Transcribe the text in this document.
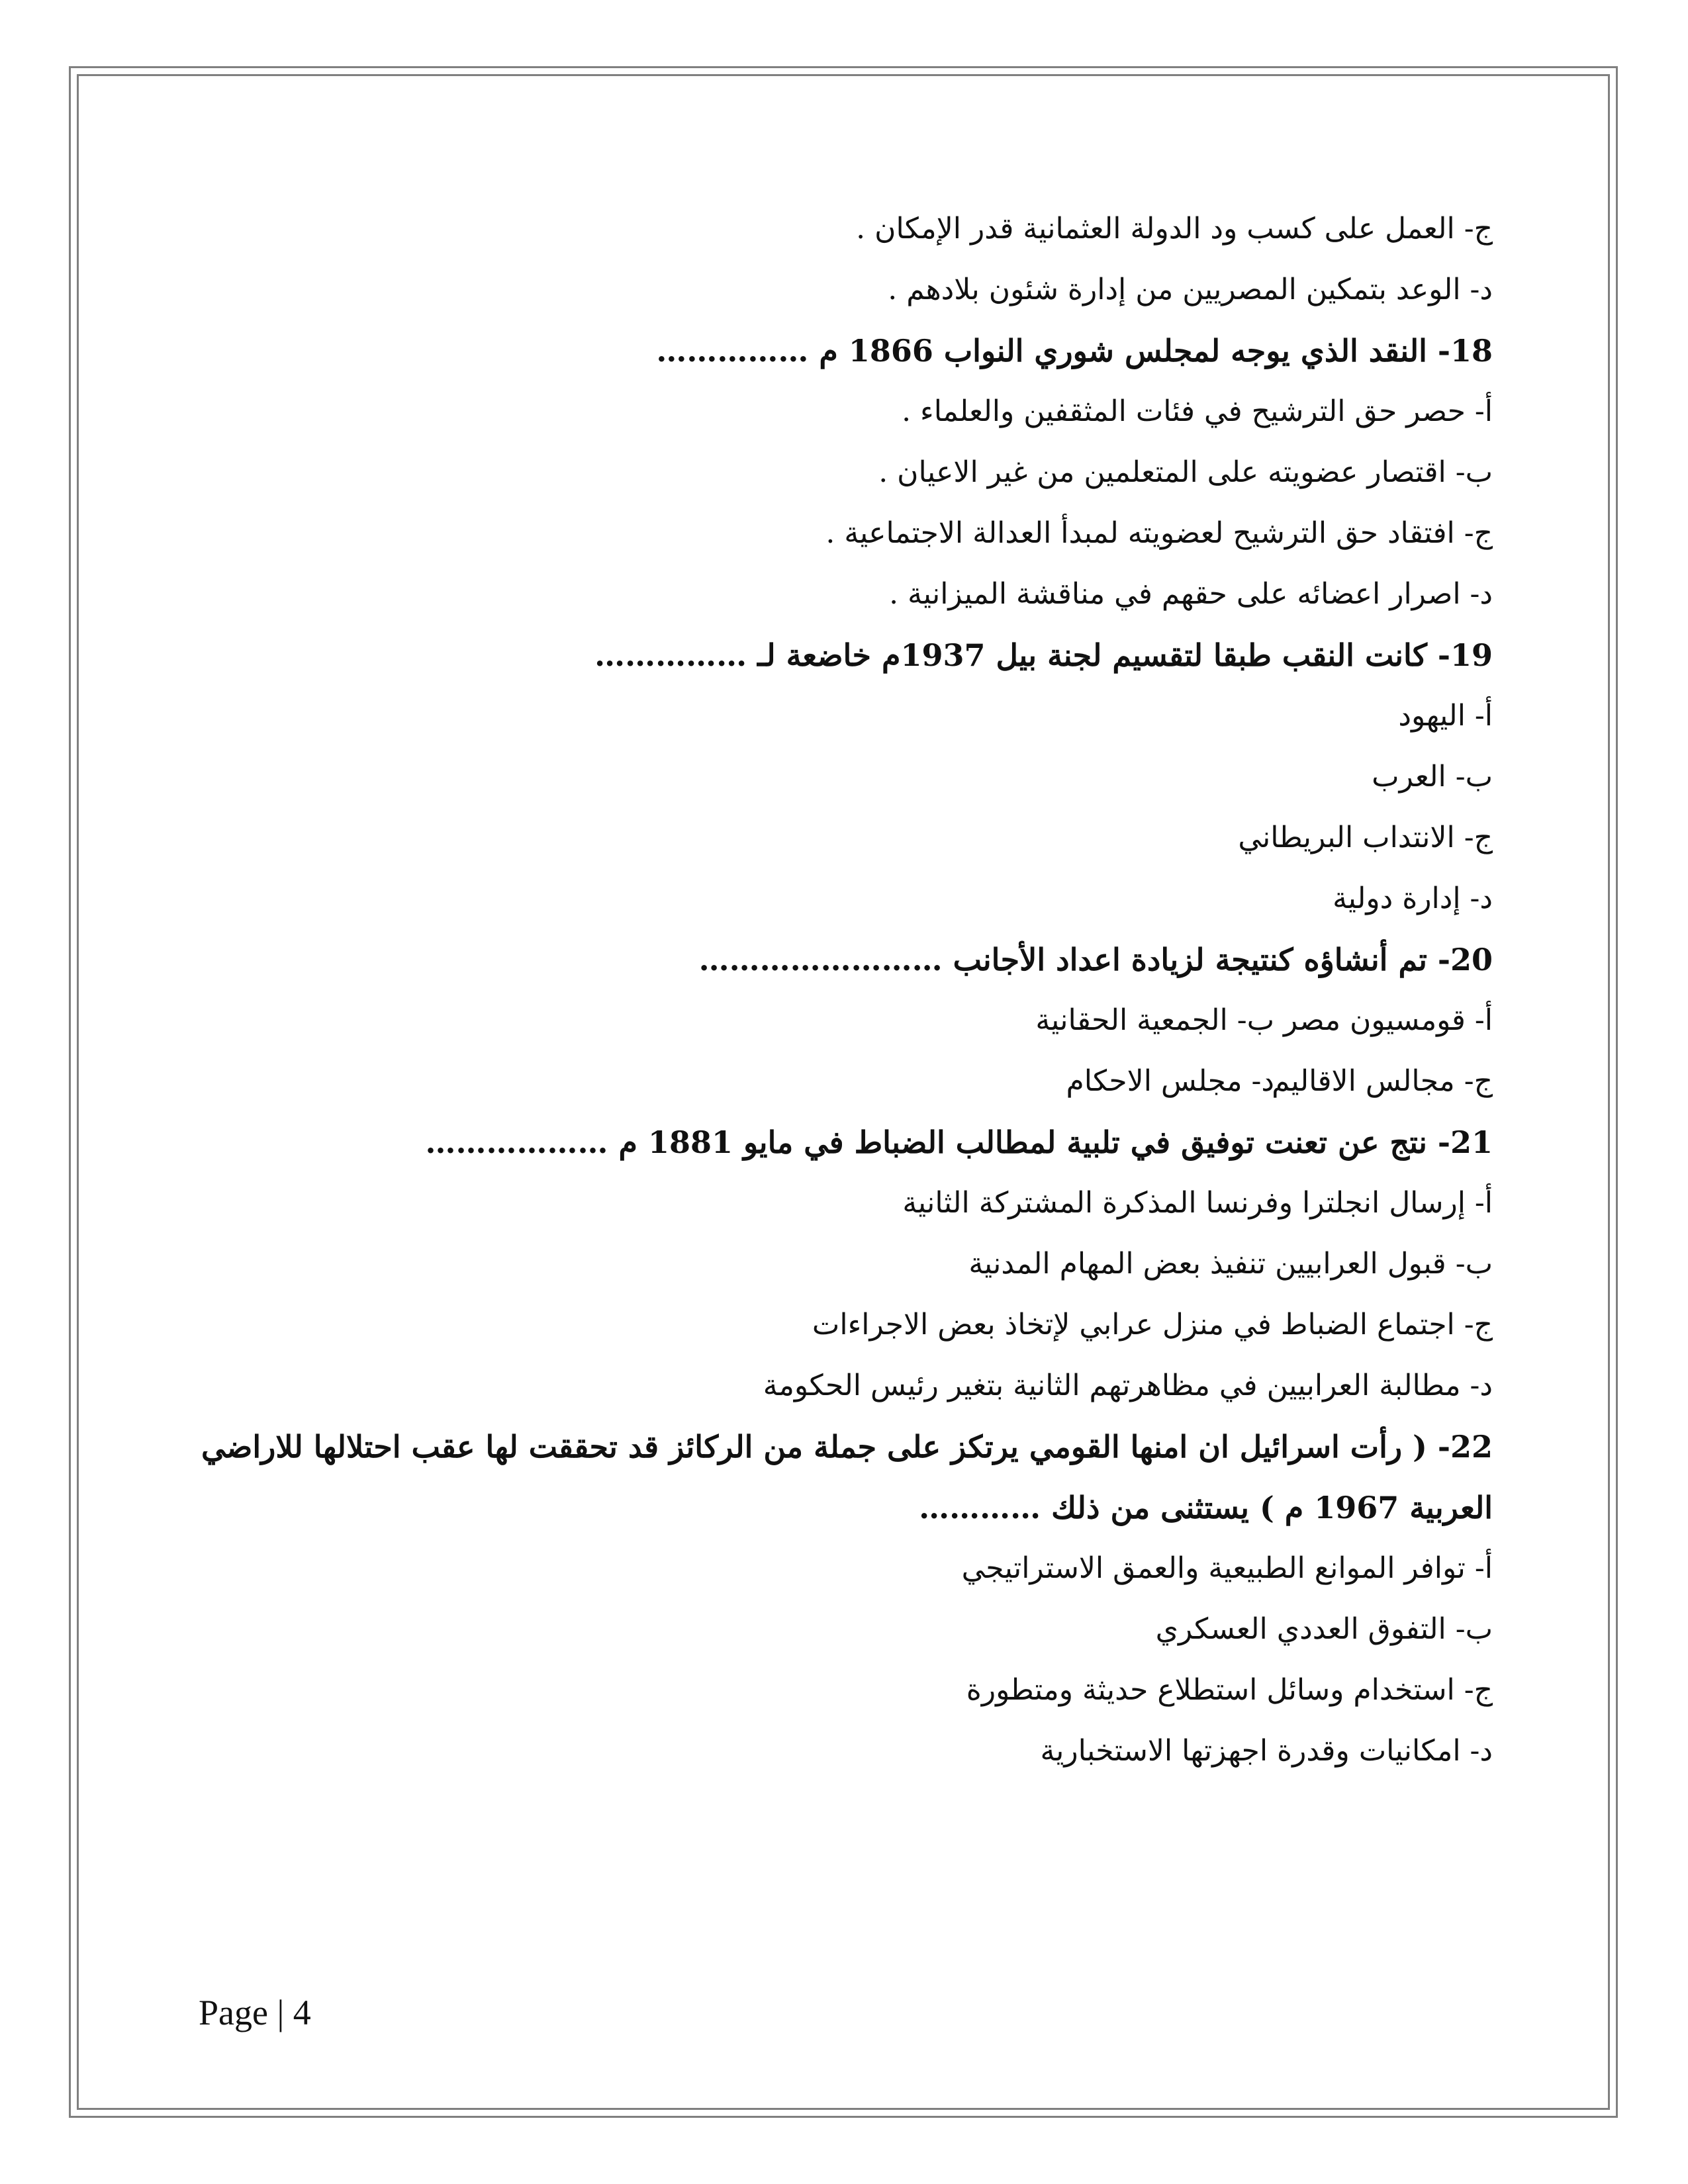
ج- العمل على كسب ود الدولة العثمانية قدر الإمكان .
د- الوعد بتمكين المصريين من إدارة شئون بلادهم .
18- النقد الذي يوجه لمجلس شوري النواب 1866 م ……………
أ- حصر حق الترشيح في فئات المثقفين والعلماء .
ب- اقتصار عضويته على المتعلمين من غير الاعيان .
ج- افتقاد حق الترشيح لعضويته لمبدأ العدالة الاجتماعية .
د- اصرار اعضائه على حقهم في مناقشة الميزانية .
19- كانت النقب طبقا لتقسيم لجنة بيل 1937م خاضعة لـ ……………
أ- اليهود
ب- العرب
ج- الانتداب البريطاني
د- إدارة دولية
20- تم أنشاؤه كنتيجة لزيادة اعداد الأجانب ……………………
أ- قومسيون مصر
ب- الجمعية الحقانية
ج- مجالس الاقاليم
د- مجلس الاحكام
21- نتج عن تعنت توفيق في تلبية لمطالب الضباط في مايو 1881 م ………………
أ- إرسال انجلترا وفرنسا المذكرة المشتركة الثانية
ب- قبول العرابيين تنفيذ بعض المهام المدنية
ج- اجتماع الضباط في منزل عرابي لإتخاذ بعض الاجراءات
د- مطالبة العرابيين في مظاهرتهم الثانية بتغير رئيس الحكومة
22- ( رأت اسرائيل ان امنها القومي يرتكز على جملة من الركائز قد تحققت لها عقب احتلالها للاراضي العربية 1967 م ) يستثنى من ذلك …………
أ- توافر الموانع الطبيعية والعمق الاستراتيجي
ب- التفوق العددي العسكري
ج- استخدام وسائل استطلاع حديثة ومتطورة
د- امكانيات وقدرة اجهزتها الاستخبارية
Page | 4
